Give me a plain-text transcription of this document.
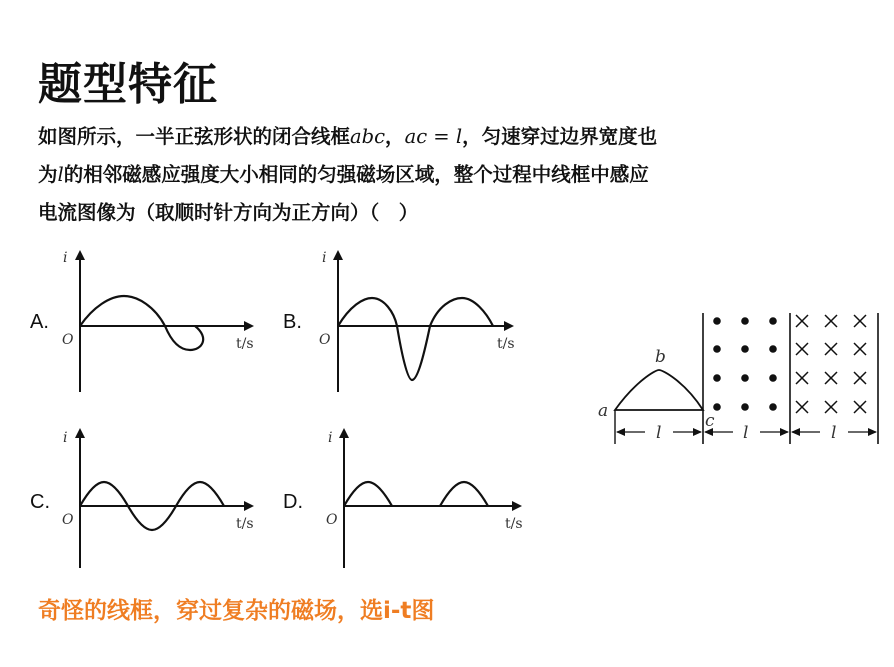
题型特征

如图所示，一半正弦形状的闭合线框abc，ac = l，匀速穿过边界宽度也

为l的相邻磁感应强度大小相同的匀强磁场区域，整个过程中线框中感应

电流图像为（取顺时针方向为正方向）（　）

A.
i
O	t/s
B.
i
O	t/s
C.
i
O	t/s
D.
i
O	t/s
a
b
c
l	l	l
奇怪的线框，穿过复杂的磁场，选i-t图
